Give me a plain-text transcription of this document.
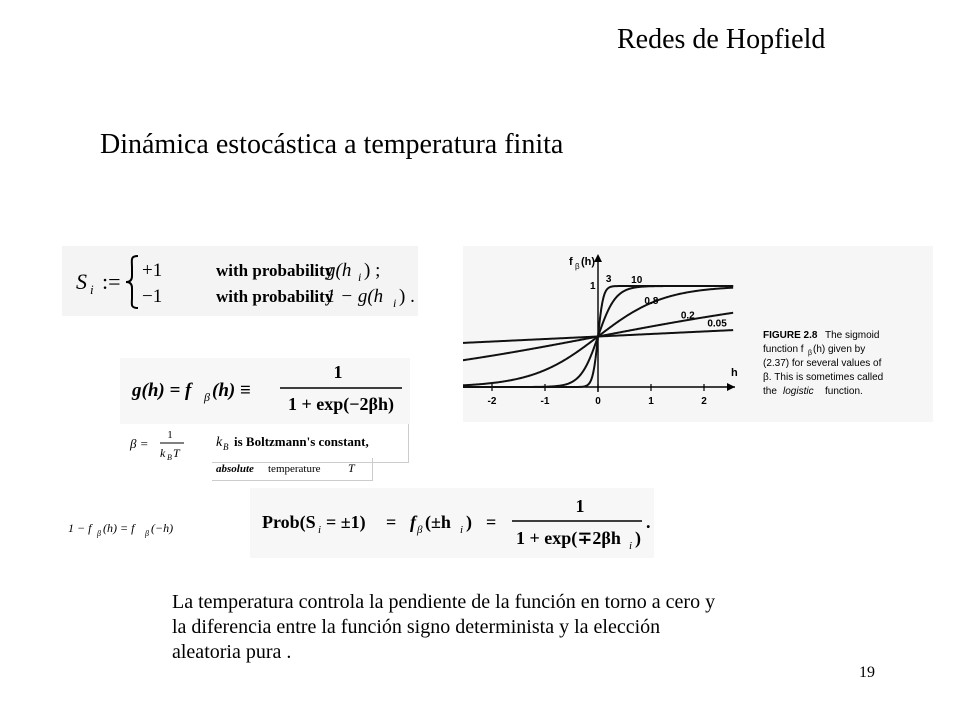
Redes de Hopfield
Dinámica estocástica a temperatura finita
S i := +1	with probability
g(h i ) ;
−1	with probability
1 − g(h i ) .
g(h) = f β (h) ≡
1
1 + exp(−2βh)
β =
1
k B T
k B is Boltzmann's constant,
absolute temperature T
1 − f β (h) = f β (−h)	Prob(S i = ±1) = f β (±h i ) =
1
1 + exp(∓2βh i )
.
f β (h)
h
1
-2	-1	0	1	2
10
3
0.8
0.2
0.05
FIGURE 2.8 The sigmoid
function f β (h) given by
(2.37) for several values of
β. This is sometimes called
the logistic function.
La temperatura controla la pendiente de la función en torno a cero y
la diferencia entre la función signo determinista y la elección
aleatoria pura .
19
